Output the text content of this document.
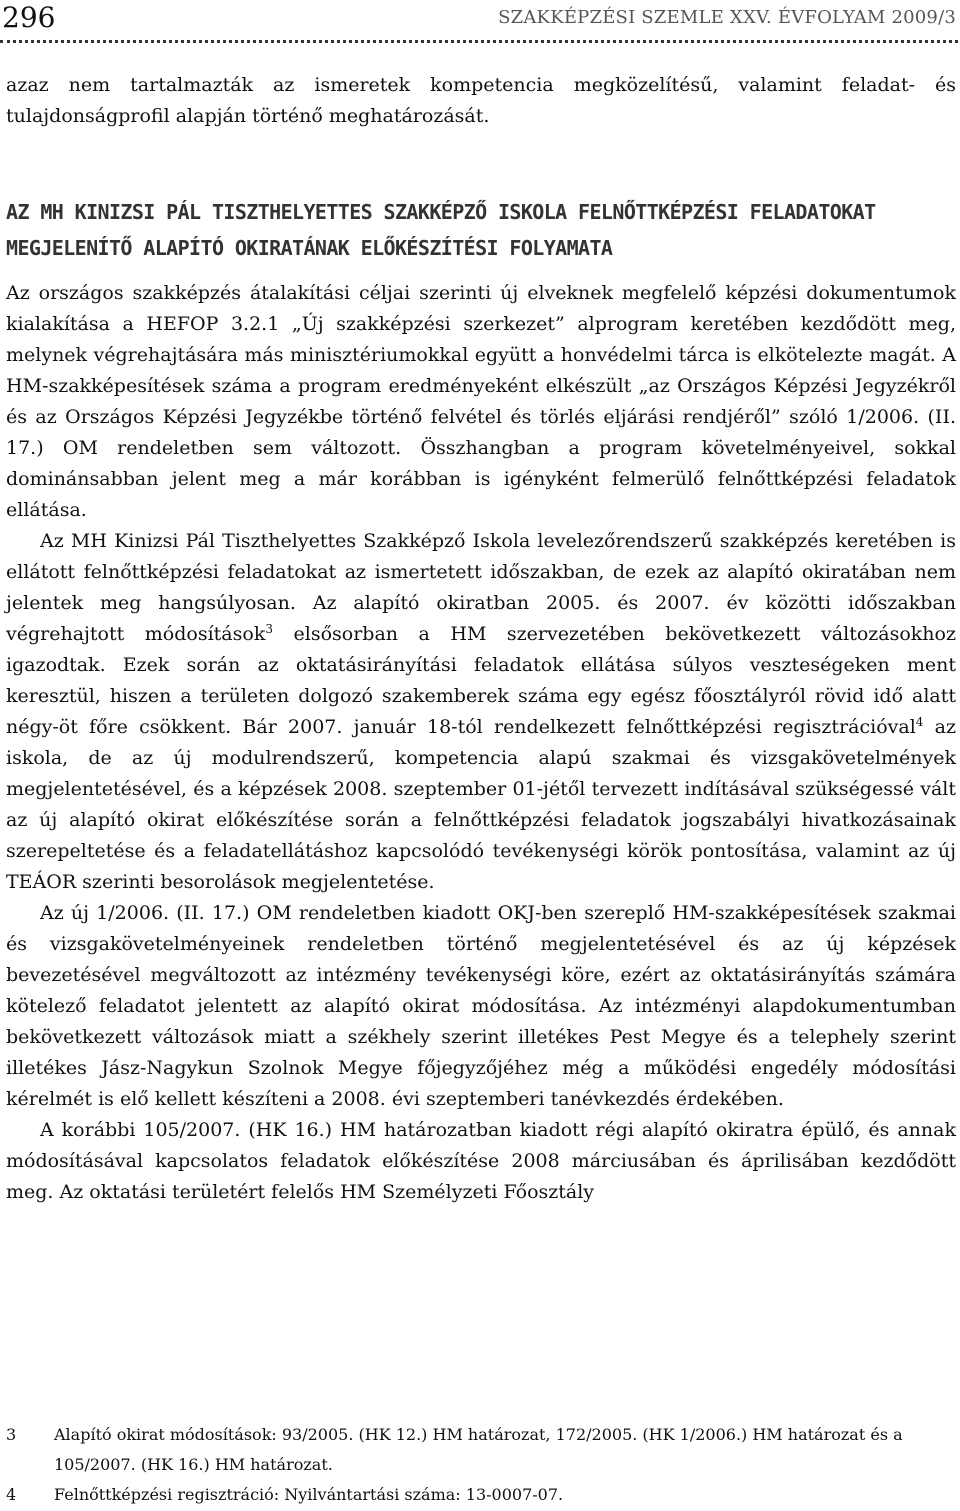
296	SZAKKÉPZÉSI SZEMLE XXV. ÉVFOLYAM 2009/3

azaz nem tartalmazták az ismeretek kompetencia megközelítésű, valamint feladat- és tulajdonságprofil alapján történő meghatározását.

AZ MH KINIZSI PÁL TISZTHELYETTES SZAKKÉPZŐ ISKOLA FELNŐTTKÉPZÉSI FELADATOKAT MEGJELENÍTŐ ALAPÍTÓ OKIRATÁNAK ELŐKÉSZÍTÉSI FOLYAMATA

Az országos szakképzés átalakítási céljai szerinti új elveknek megfelelő képzési dokumentumok kialakítása a HEFOP 3.2.1 „Új szakképzési szerkezet” alprogram keretében kezdődött meg, melynek végrehajtására más minisztériumokkal együtt a honvédelmi tárca is elkötelezte magát. A HM-szakképesítések száma a program eredményeként elkészült „az Országos Képzési Jegyzékről és az Országos Képzési Jegyzékbe történő felvétel és törlés eljárási rendjéről” szóló 1/2006. (II. 17.) OM rendeletben sem változott. Összhangban a program követelményeivel, sokkal dominánsabban jelent meg a már korábban is igényként felmerülő felnőttképzési feladatok ellátása.

Az MH Kinizsi Pál Tiszthelyettes Szakképző Iskola levelezőrendszerű szakképzés keretében is ellátott felnőttképzési feladatokat az ismertetett időszakban, de ezek az alapító okiratában nem jelentek meg hangsúlyosan. Az alapító okiratban 2005. és 2007. év közötti időszakban végrehajtott módosítások$^3$ elsősorban a HM szervezetében bekövetkezett változásokhoz igazodtak. Ezek során az oktatásirányítási feladatok ellátása súlyos veszteségeken ment keresztül, hiszen a területen dolgozó szakemberek száma egy egész főosztályról rövid idő alatt négy-öt főre csökkent. Bár 2007. január 18-tól rendelkezett felnőttképzési regisztrációval$^4$ az iskola, de az új modulrendszerű, kompetencia alapú szakmai és vizsgakövetelmények megjelentetésével, és a képzések 2008. szeptember 01-jétől tervezett indításával szükségessé vált az új alapító okirat előkészítése során a felnőttképzési feladatok jogszabályi hivatkozásainak szerepeltetése és a feladatellátáshoz kapcsolódó tevékenységi körök pontosítása, valamint az új TEÁOR szerinti besorolások megjelentetése.

Az új 1/2006. (II. 17.) OM rendeletben kiadott OKJ-ben szereplő HM-szakképesítések szakmai és vizsgakövetelményeinek rendeletben történő megjelentetésével és az új képzések bevezetésével megváltozott az intézmény tevékenységi köre, ezért az oktatásirányítás számára kötelező feladatot jelentett az alapító okirat módosítása. Az intézményi alapdokumentumban bekövetkezett változások miatt a székhely szerint illetékes Pest Megye és a telephely szerint illetékes Jász-Nagykun Szolnok Megye főjegyzőjéhez még a működési engedély módosítási kérelmét is elő kellett készíteni a 2008. évi szeptemberi tanévkezdés érdekében.

A korábbi 105/2007. (HK 16.) HM határozatban kiadott régi alapító okiratra épülő, és annak módosításával kapcsolatos feladatok előkészítése 2008 márciusában és áprilisában kezdődött meg. Az oktatási területért felelős HM Személyzeti Főosztály

3	Alapító okirat módosítások: 93/2005. (HK 12.) HM határozat, 172/2005. (HK 1/2006.) HM határozat és a 105/2007. (HK 16.) HM határozat.
4	Felnőttképzési regisztráció: Nyilvántartási száma: 13-0007-07.
